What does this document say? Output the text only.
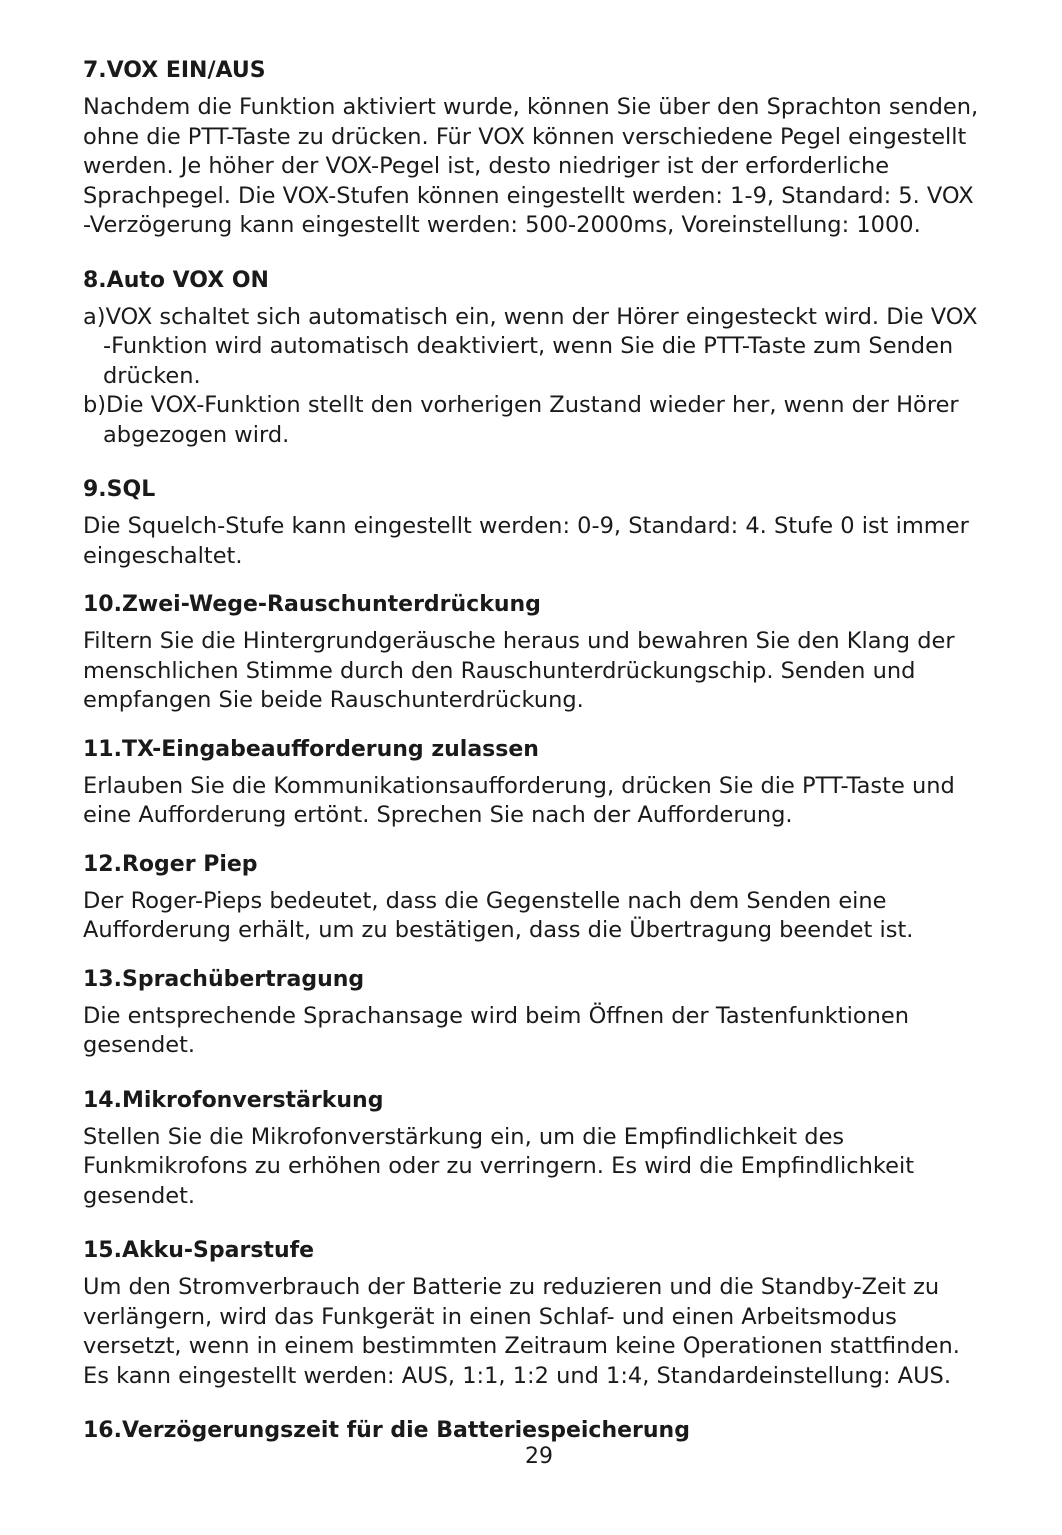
7.VOX EIN/AUS
Nachdem die Funktion aktiviert wurde, können Sie über den Sprachton senden,
ohne die PTT-Taste zu drücken. Für VOX können verschiedene Pegel eingestellt
werden. Je höher der VOX-Pegel ist, desto niedriger ist der erforderliche
Sprachpegel. Die VOX-Stufen können eingestellt werden: 1-9, Standard: 5. VOX
-Verzögerung kann eingestellt werden: 500-2000ms, Voreinstellung: 1000.
8.Auto VOX ON
a)VOX schaltet sich automatisch ein, wenn der Hörer eingesteckt wird. Die VOX
-Funktion wird automatisch deaktiviert, wenn Sie die PTT-Taste zum Senden
drücken.
b)Die VOX-Funktion stellt den vorherigen Zustand wieder her, wenn der Hörer
abgezogen wird.
9.SQL
Die Squelch-Stufe kann eingestellt werden: 0-9, Standard: 4. Stufe 0 ist immer
eingeschaltet.
10.Zwei-Wege-Rauschunterdrückung
Filtern Sie die Hintergrundgeräusche heraus und bewahren Sie den Klang der
menschlichen Stimme durch den Rauschunterdrückungschip. Senden und
empfangen Sie beide Rauschunterdrückung.
11.TX-Eingabeaufforderung zulassen
Erlauben Sie die Kommunikationsaufforderung, drücken Sie die PTT-Taste und
eine Aufforderung ertönt. Sprechen Sie nach der Aufforderung.
12.Roger Piep
Der Roger-Pieps bedeutet, dass die Gegenstelle nach dem Senden eine
Aufforderung erhält, um zu bestätigen, dass die Übertragung beendet ist.
13.Sprachübertragung
Die entsprechende Sprachansage wird beim Öffnen der Tastenfunktionen
gesendet.
14.Mikrofonverstärkung
Stellen Sie die Mikrofonverstärkung ein, um die Empfindlichkeit des
Funkmikrofons zu erhöhen oder zu verringern. Es wird die Empfindlichkeit
gesendet.
15.Akku-Sparstufe
Um den Stromverbrauch der Batterie zu reduzieren und die Standby-Zeit zu
verlängern, wird das Funkgerät in einen Schlaf- und einen Arbeitsmodus
versetzt, wenn in einem bestimmten Zeitraum keine Operationen stattfinden.
Es kann eingestellt werden: AUS, 1:1, 1:2 und 1:4, Standardeinstellung: AUS.
16.Verzögerungszeit für die Batteriespeicherung
29
